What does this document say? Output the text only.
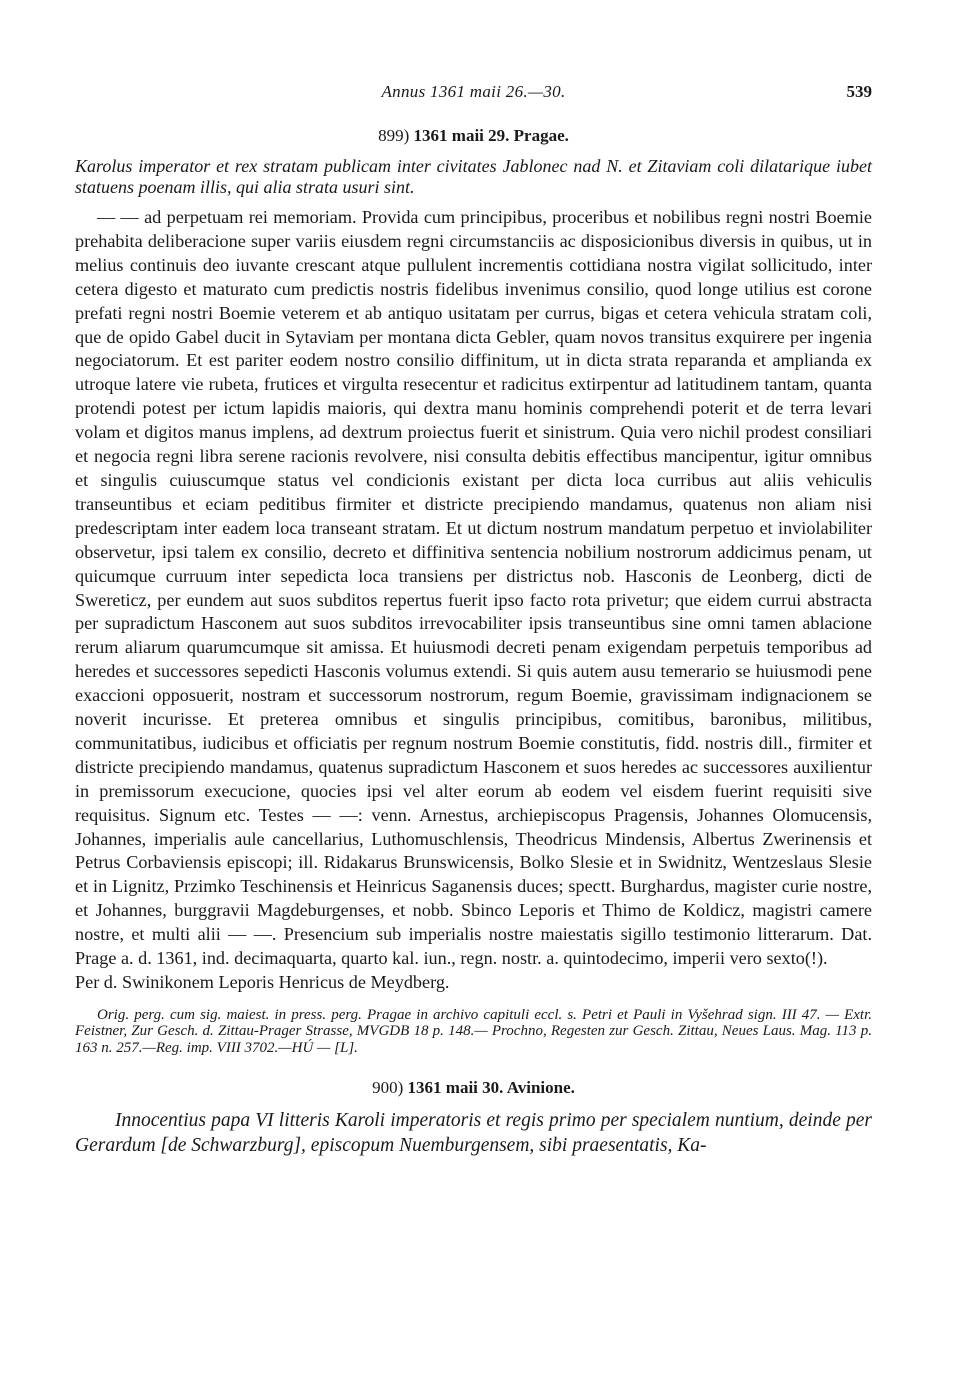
Annus 1361 maii 26.—30.	539
899) 1361 maii 29. Pragae.

Karolus imperator et rex stratam publicam inter civitates Jablonec nad N. et Zitaviam coli dilatarique iubet statuens poenam illis, qui alia strata usuri sint.

— — ad perpetuam rei memoriam. Provida cum principibus, proceribus et nobilibus regni nostri Boemie prehabita deliberacione super variis eiusdem regni circumstanciis ac disposicionibus diversis in quibus, ut in melius continuis deo iuvante crescant atque pullulent incrementis cottidiana nostra vigilat sollicitudo, inter cetera digesto et maturato cum predictis nostris fidelibus invenimus consilio, quod longe utilius est corone prefati regni nostri Boemie veterem et ab antiquo usitatam per currus, bigas et cetera vehicula stratam coli, que de opido Gabel ducit in Sytaviam per montana dicta Gebler, quam novos transitus exquirere per ingenia negociatorum. Et est pariter eodem nostro consilio diffinitum, ut in dicta strata reparanda et amplianda ex utroque latere vie rubeta, frutices et virgulta resecentur et radicitus extirpentur ad latitudinem tantam, quanta protendi potest per ictum lapidis maioris, qui dextra manu hominis comprehendi poterit et de terra levari volam et digitos manus implens, ad dextrum proiectus fuerit et sinistrum. Quia vero nichil prodest consiliari et negocia regni libra serene racionis revolvere, nisi consulta debitis effectibus mancipentur, igitur omnibus et singulis cuiuscumque status vel condicionis existant per dicta loca curribus aut aliis vehiculis transeuntibus et eciam peditibus firmiter et districte precipiendo mandamus, quatenus non aliam nisi predescriptam inter eadem loca transeant stratam. Et ut dictum nostrum mandatum perpetuo et inviolabiliter observetur, ipsi talem ex consilio, decreto et diffinitiva sentencia nobilium nostrorum addicimus penam, ut quicumque curruum inter sepedicta loca transiens per districtus nob. Hasconis de Leonberg, dicti de Swereticz, per eundem aut suos subditos repertus fuerit ipso facto rota privetur; que eidem currui abstracta per supradictum Hasconem aut suos subditos irrevocabiliter ipsis transeuntibus sine omni tamen ablacione rerum aliarum quarumcumque sit amissa. Et huiusmodi decreti penam exigendam perpetuis temporibus ad heredes et successores sepedicti Hasconis volumus extendi. Si quis autem ausu temerario se huiusmodi pene exaccioni opposuerit, nostram et successorum nostrorum, regum Boemie, gravissimam indignacionem se noverit incurisse. Et preterea omnibus et singulis principibus, comitibus, baronibus, militibus, communitatibus, iudicibus et officiatis per regnum nostrum Boemie constitutis, fidd. nostris dill., firmiter et districte precipiendo mandamus, quatenus supradictum Hasconem et suos heredes ac successores auxilientur in premissorum execucione, quocies ipsi vel alter eorum ab eodem vel eisdem fuerint requisiti sive requisitus. Signum etc. Testes — —: venn. Arnestus, archiepiscopus Pragensis, Johannes Olomucensis, Johannes, imperialis aule cancellarius, Luthomuschlensis, Theodricus Mindensis, Albertus Zwerinensis et Petrus Corbaviensis episcopi; ill. Ridakarus Brunswicensis, Bolko Slesie et in Swidnitz, Wentzeslaus Slesie et in Lignitz, Przimko Teschinensis et Heinricus Saganensis duces; spectt. Burghardus, magister curie nostre, et Johannes, burggravii Magdeburgenses, et nobb. Sbinco Leporis et Thimo de Koldicz, magistri camere nostre, et multi alii — —. Presencium sub imperialis nostre maiestatis sigillo testimonio litterarum. Dat. Prage a. d. 1361, ind. decimaquarta, quarto kal. iun., regn. nostr. a. quintodecimo, imperii vero sexto(!).

Per d. Swinikonem Leporis Henricus de Meydberg.

Orig. perg. cum sig. maiest. in press. perg. Pragae in archivo capituli eccl. s. Petri et Pauli in Vyšehrad sign. III 47. — Extr. Feistner, Zur Gesch. d. Zittau-Prager Strasse, MVGDB 18 p. 148.— Prochno, Regesten zur Gesch. Zittau, Neues Laus. Mag. 113 p. 163 n. 257.—Reg. imp. VIII 3702.—HÚ — [L].

900) 1361 maii 30. Avinione.

Innocentius papa VI litteris Karoli imperatoris et regis primo per specialem nuntium, deinde per Gerardum [de Schwarzburg], episcopum Nuemburgensem, sibi praesentatis, Ka-
